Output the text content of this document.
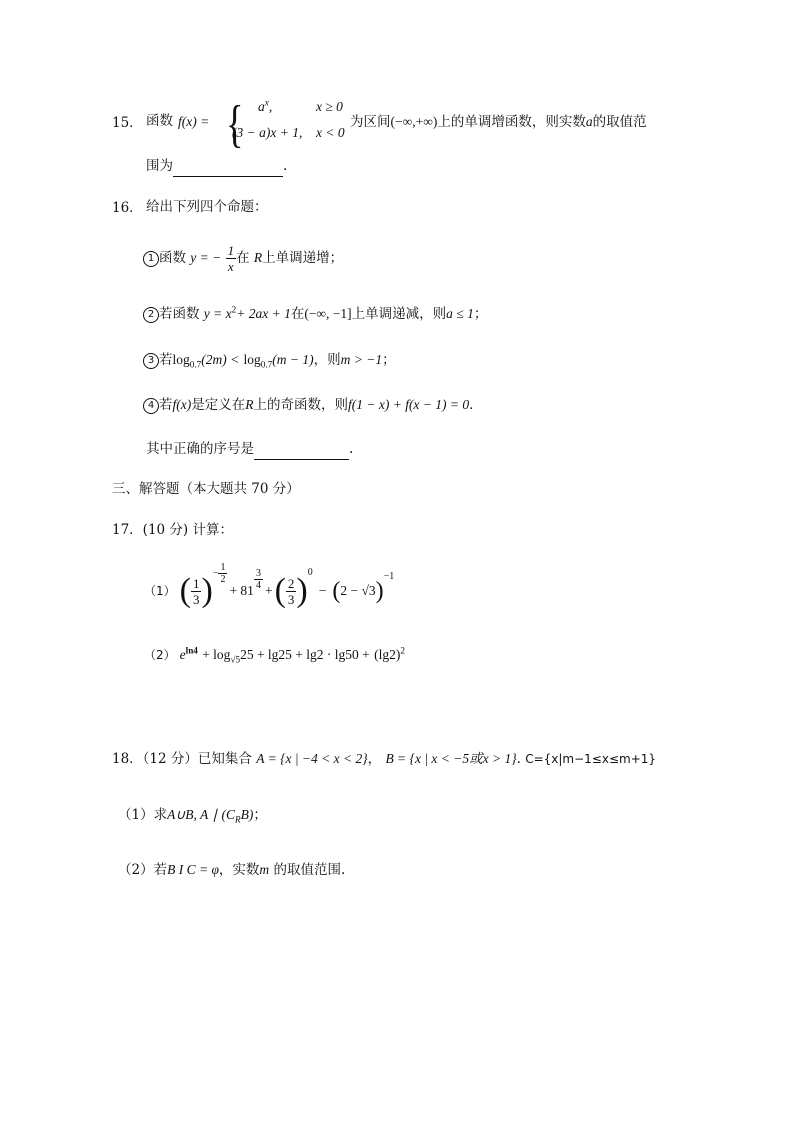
15． 函数 f(x) = { $a^x$,	x ≥ 0
(3 − a)x + 1, x < 0
为区间(−∞,+∞)上的单调增函数，则实数a的取值范
围为	.
16． 给出下列四个命题：
1 函数 y = − $\frac{1}{x}$ 在 R上单调递增；
2 若函数 $y = x^2+ 2ax + 1$在(−∞, −1]上单调递减，则a ≤ 1；
3 若$\log_{0.7}(2m) < \log_{0.7}(m - 1)$，则m > −1；
4 若f(x)是定义在R上的奇函数，则f(1 − x) + f(x − 1) = 0．
其中正确的序号是	.
三、解答题（本大题共 70 分）
17．(10 分) 计算：
（1） ( $\frac{1}{3}$ ) − $\frac{1}{2}$
+ 81
$\frac{3}{4}$
+ ( $\frac{2}{3}$ ) 0
− ( 2 − √3 )
−1
（2） $e^{ln4} + \log_{√5}25 + \lg 25 + \lg 2 \cdot \lg 50 + (\lg 2)^2$
18．（12 分）已知集合 A = {x | −4 < x < 2}， B = {x | x < −5或x > 1}. C={x|m−1≤x≤m+1}
（1）求A∪B, A ∣ $(C_RB)$；
（2）若B I C = φ，实数m 的取值范围.
